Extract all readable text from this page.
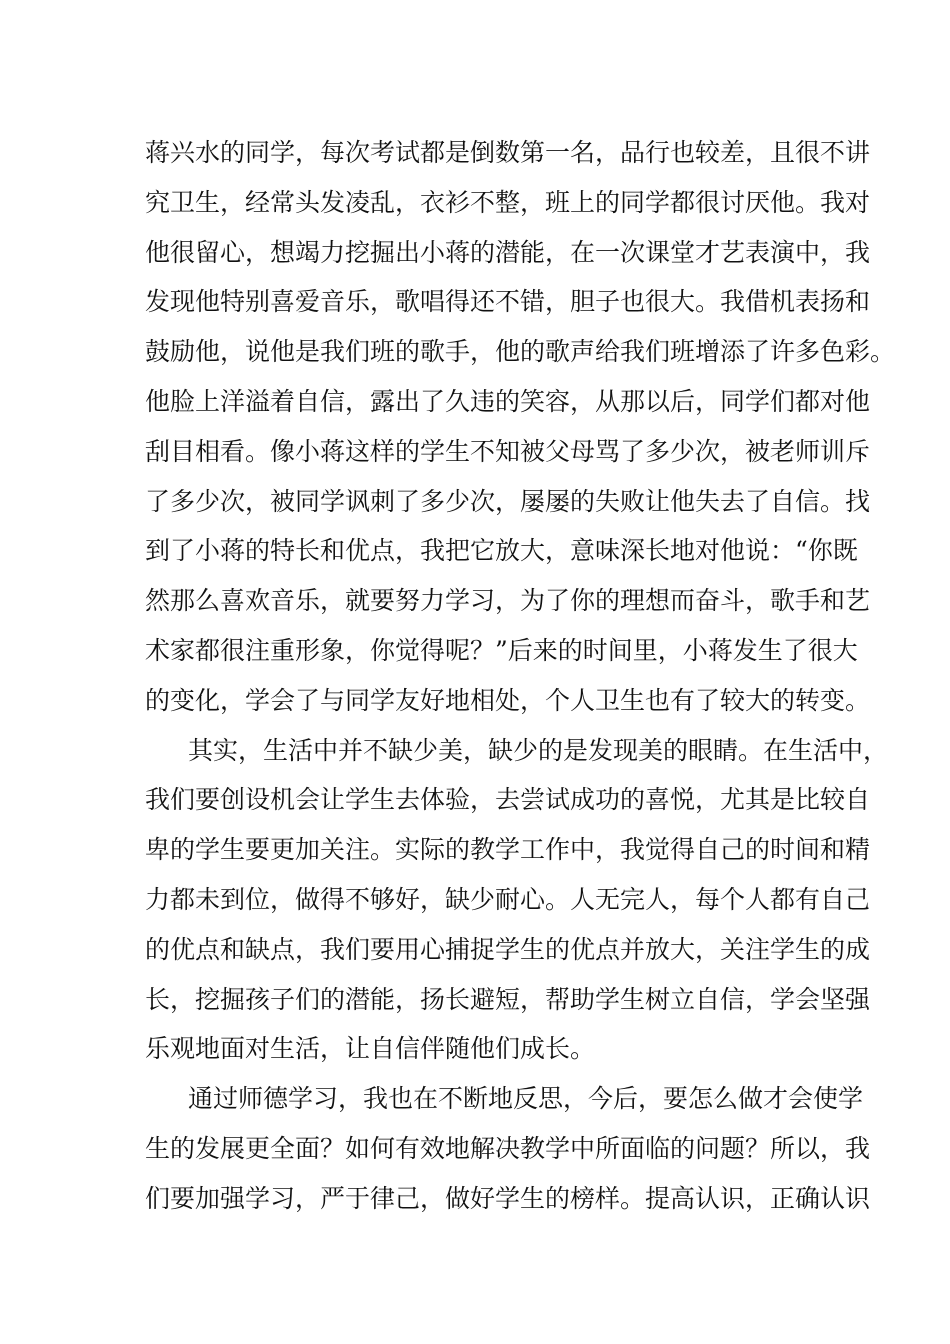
蒋兴水的同学，每次考试都是倒数第一名，品行也较差，且很不讲
究卫生，经常头发凌乱，衣衫不整，班上的同学都很讨厌他。我对
他很留心，想竭力挖掘出小蒋的潜能，在一次课堂才艺表演中，我
发现他特别喜爱音乐，歌唱得还不错，胆子也很大。我借机表扬和
鼓励他，说他是我们班的歌手，他的歌声给我们班增添了许多色彩。
他脸上洋溢着自信，露出了久违的笑容，从那以后，同学们都对他
刮目相看。像小蒋这样的学生不知被父母骂了多少次，被老师训斥
了多少次，被同学讽刺了多少次，屡屡的失败让他失去了自信。找
到了小蒋的特长和优点，我把它放大，意味深长地对他说：“你既
然那么喜欢音乐，就要努力学习，为了你的理想而奋斗，歌手和艺
术家都很注重形象，你觉得呢？”后来的时间里，小蒋发生了很大
的变化，学会了与同学友好地相处，个人卫生也有了较大的转变。
其实，生活中并不缺少美，缺少的是发现美的眼睛。在生活中，
我们要创设机会让学生去体验，去尝试成功的喜悦，尤其是比较自
卑的学生要更加关注。实际的教学工作中，我觉得自己的时间和精
力都未到位，做得不够好，缺少耐心。人无完人，每个人都有自己
的优点和缺点，我们要用心捕捉学生的优点并放大，关注学生的成
长，挖掘孩子们的潜能，扬长避短，帮助学生树立自信，学会坚强
乐观地面对生活，让自信伴随他们成长。
通过师德学习，我也在不断地反思，今后，要怎么做才会使学
生的发展更全面？如何有效地解决教学中所面临的问题？所以，我
们要加强学习，严于律己，做好学生的榜样。提高认识，正确认识
